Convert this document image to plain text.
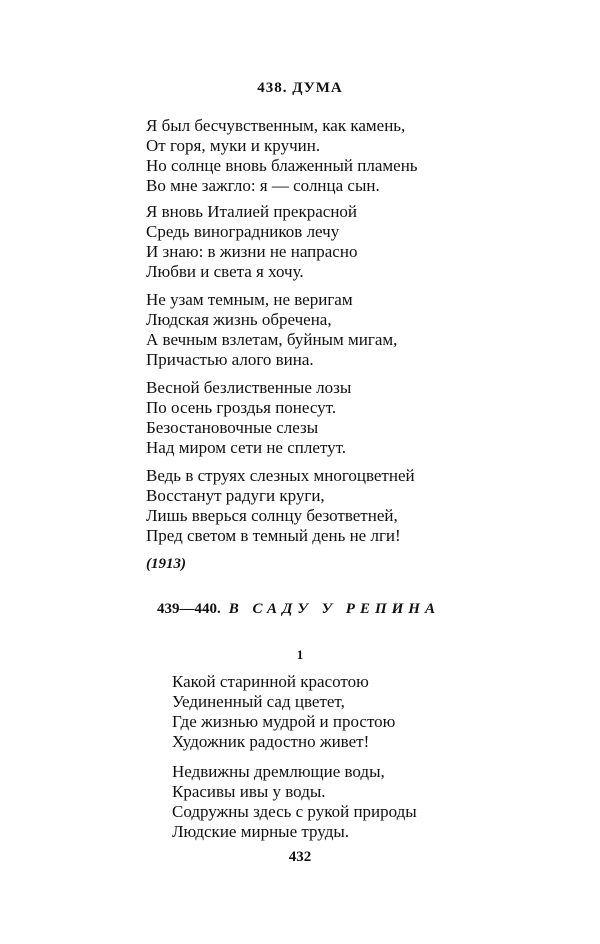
438. ДУМА
Я был бесчувственным, как камень,
От горя, муки и кручин.
Но солнце вновь блаженный пламень
Во мне зажгло: я — солнца сын.
Я вновь Италией прекрасной
Средь виноградников лечу
И знаю: в жизни не напрасно
Любви и света я хочу.
Не узам темным, не веригам
Людская жизнь обречена,
А вечным взлетам, буйным мигам,
Причастью алого вина.
Весной безлиственные лозы
По осень гроздья понесут.
Безостановочные слезы
Над миром сети не сплетут.
Ведь в струях слезных многоцветней
Восстанут радуги круги,
Лишь вверься солнцу безответней,
Пред светом в темный день не лги!
(1913)
439—440. В САДУ У РЕПИНА
1
Какой старинной красотою
Уединенный сад цветет,
Где жизнью мудрой и простою
Художник радостно живет!
Недвижны дремлющие воды,
Красивы ивы у воды.
Содружны здесь с рукой природы
Людские мирные труды.
432
